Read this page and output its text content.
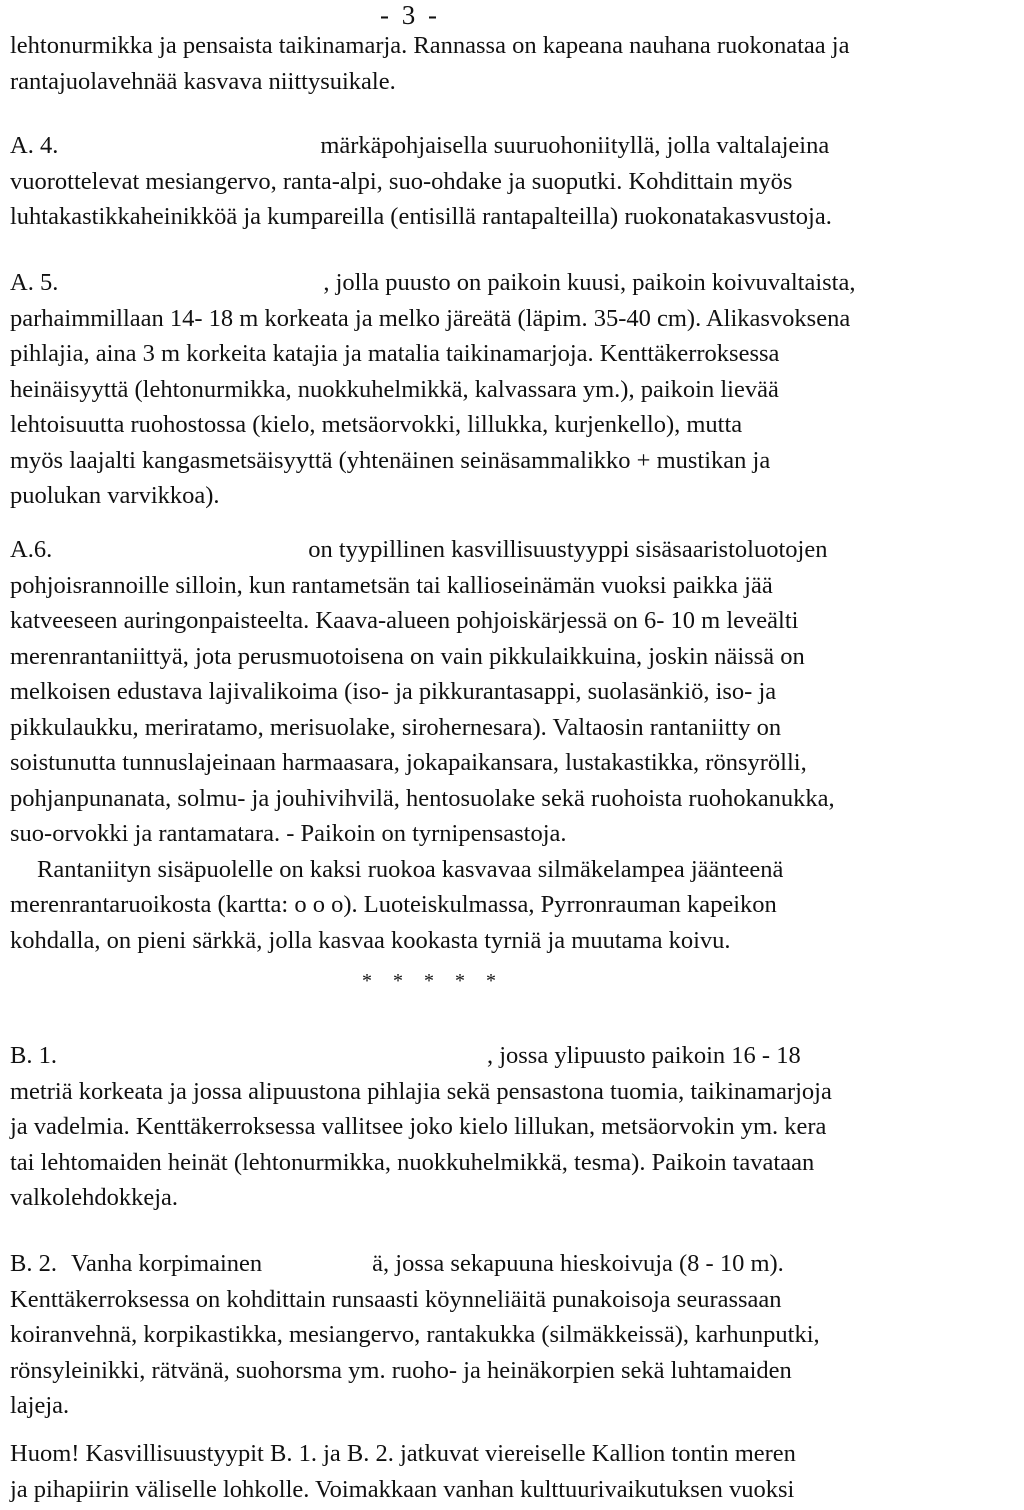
- 3 -
lehtonurmikka ja pensaista taikinamarja. Rannassa on kapeana nauhana ruokonataa ja
rantajuolavehnää kasvava niittysuikale.
A. 4.	märkäpohjaisella suuruohoniityllä, jolla valtalajeina
vuorottelevat mesiangervo, ranta-alpi, suo-ohdake ja suoputki. Kohdittain myös
luhtakastikkaheinikköä ja kumpareilla (entisillä rantapalteilla) ruokonatakasvustoja.
A. 5.	, jolla puusto on paikoin kuusi, paikoin koivuvaltaista,
parhaimmillaan 14- 18 m korkeata ja melko järeätä (läpim. 35-40 cm). Alikasvoksena
pihlajia, aina 3 m korkeita katajia ja matalia taikinamarjoja. Kenttäkerroksessa
heinäisyyttä (lehtonurmikka, nuokkuhelmikkä, kalvassara ym.), paikoin lievää
lehtoisuutta ruohostossa (kielo, metsäorvokki, lillukka, kurjenkello), mutta
myös laajalti kangasmetsäisyyttä (yhtenäinen seinäsammalikko + mustikan ja
puolukan varvikkoa).
A.6.	on tyypillinen kasvillisuustyyppi sisäsaaristoluotojen
pohjoisrannoille silloin, kun rantametsän tai kallioseinämän vuoksi paikka jää
katveeseen auringonpaisteelta. Kaava-alueen pohjoiskärjessä on 6- 10 m leveälti
merenrantaniittyä, jota perusmuotoisena on vain pikkulaikkuina, joskin näissä on
melkoisen edustava lajivalikoima (iso- ja pikkurantasappi, suolasänkiö, iso- ja
pikkulaukku, meriratamo, merisuolake, sirohernesara). Valtaosin rantaniitty on
soistunutta tunnuslajeinaan harmaasara, jokapaikansara, lustakastikka, rönsyrölli,
pohjanpunanata, solmu- ja jouhivihvilä, hentosuolake sekä ruohoista ruohokanukka,
suo-orvokki ja rantamatara. - Paikoin on tyrnipensastoja.
Rantaniityn sisäpuolelle on kaksi ruokoa kasvavaa silmäkelampea jäänteenä
merenrantaruoikosta (kartta: o o o). Luoteiskulmassa, Pyrronrauman kapeikon
kohdalla, on pieni särkkä, jolla kasvaa kookasta tyrniä ja muutama koivu.
* * * * *
B. 1.	, jossa ylipuusto paikoin 16 - 18
metriä korkeata ja jossa alipuustona pihlajia sekä pensastona tuomia, taikinamarjoja
ja vadelmia. Kenttäkerroksessa vallitsee joko kielo lillukan, metsäorvokin ym. kera
tai lehtomaiden heinät (lehtonurmikka, nuokkuhelmikkä, tesma). Paikoin tavataan
valkolehdokkeja.
B. 2. Vanha korpimainen	ä, jossa sekapuuna hieskoivuja (8 - 10 m).
Kenttäkerroksessa on kohdittain runsaasti köynneliäitä punakoisoja seurassaan
koiranvehnä, korpikastikka, mesiangervo, rantakukka (silmäkkeissä), karhunputki,
rönsyleinikki, rätvänä, suohorsma ym. ruoho- ja heinäkorpien sekä luhtamaiden
lajeja.
Huom! Kasvillisuustyypit B. 1. ja B. 2. jatkuvat viereiselle Kallion tontin meren
ja pihapiirin väliselle lohkolle. Voimakkaan vanhan kulttuurivaikutuksen vuoksi
